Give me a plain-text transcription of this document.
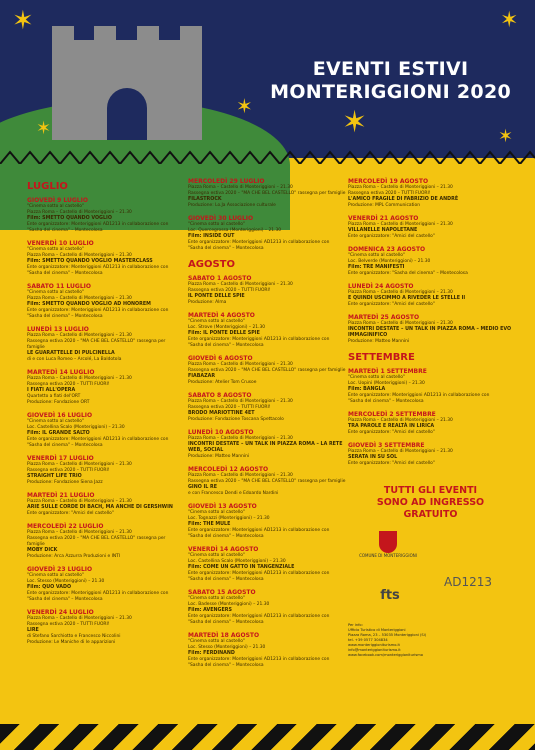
✶
✶	✶
✶
✶
✶
EVENTI ESTIVI
MONTERIGGIONI 2020
LUGLIO
GIOVEDÌ 9 LUGLIO
"Cinema sotto al castello"
Piazza Roma – Castello di Monteriggioni – 21.30
Film: SMETTO QUANDO VOGLIO
Ente organizzatore: Monteriggioni AD1213 in collaborazione con
"Sasha del cinema" – Montecolosa
VENERDÌ 10 LUGLIO
"Cinema sotto al castello"
Piazza Roma – Castello di Monteriggioni – 21.30
Film: SMETTO QUANDO VOGLIO MASTERCLASS
Ente organizzatore: Monteriggioni AD1213 in collaborazione con
"Sasha del cinema" – Montecolosa
SABATO 11 LUGLIO
"Cinema sotto al castello"
Piazza Roma – Castello di Monteriggioni – 21.30
Film: SMETTO QUANDO VOGLIO AD HONOREM
Ente organizzatore: Monteriggioni AD1213 in collaborazione con
"Sasha del cinema" – Montecolosa
LUNEDÌ 13 LUGLIO
Piazza Roma – Castello di Monteriggioni – 21.30
Rassegna estiva 2020 – "MA CHE BEL CASTELLO" rassegna per famiglie
LE GUARATTELLE DI PULCINELLA
di e con Luca Romeo – Arcolé, La Baldotola
MARTEDÌ 14 LUGLIO
Piazza Roma – Castello di Monteriggioni – 21.30
Rassegna estiva 2020 – TUTTI FUORI!
I FIATI ALL'OPERA
Quartetto a fiati del'ORT
Produzione: Fondazione ORT
GIOVEDÌ 16 LUGLIO
"Cinema sotto al castello"
Loc. Castellina Scalo (Monteriggioni) – 21.30
Film: IL GRANDE SALTO
Ente organizzatore: Monteriggioni AD1213 in collaborazione con
"Sasha del cinema" – Montecolosa
VENERDÌ 17 LUGLIO
Piazza Roma – Castello di Monteriggioni – 21.30
Rassegna estiva 2020 – TUTTI FUORI!
STRAIGHT LIFE TRIO
Produzione: Fondazione Siena Jazz
MARTEDÌ 21 LUGLIO
Piazza Roma – Castello di Monteriggioni – 21.30
ARIE SULLE CORDE DI BACH, MA ANCHE DI GERSHWIN
Ente organizzatore: "Amici del castello"
MERCOLEDÌ 22 LUGLIO
Piazza Roma – Castello di Monteriggioni – 21.30
Rassegna estiva 2020 – "MA CHE BEL CASTELLO" rassegna per famiglie
MOBY DICK
Produzione: Arca Azzurra Produzioni e INTI
GIOVEDÌ 23 LUGLIO
"Cinema sotto al castello"
Loc. Stesso (Monteriggioni) – 21.30
Film: QUO VADO
Ente organizzatore: Monteriggioni AD1213 in collaborazione con
"Sasha del cinema" – Montecolosa
VENERDÌ 24 LUGLIO
Piazza Roma – Castello di Monteriggioni – 21.30
Rassegna estiva 2020 – TUTTI FUORI!
LIRE
di Stefano Sarchiotto e Francesco Niccolini
Produzione: Le Maniche di le apparizioni
MERCOLEDÌ 29 LUGLIO
Piazza Roma – Castello di Monteriggioni – 21.30
Rassegna estiva 2020 – "MA CHE BEL CASTELLO" rassegna per famiglie
FILASTROCK
Produzione: Lo.Ja Associazione culturale
GIOVEDÌ 30 LUGLIO
"Cinema sotto al castello"
Loc. Quercegrossa (Monteriggioni) – 21.30
Film: INSIDE OUT
Ente organizzatore: Monteriggioni AD1213 in collaborazione con
"Sasha del cinema" – Montecolosa
AGOSTO
SABATO 1 AGOSTO
Piazza Roma – Castello di Monteriggioni – 21.30
Rassegna estiva 2020 – TUTTI FUORI!
IL PONTE DELLE SPIE
Produzione: Alma
MARTEDÌ 4 AGOSTO
"Cinema sotto al castello"
Loc. Strove (Monteriggioni) – 21.30
Film: IL PONTE DELLE SPIE
Ente organizzatore: Monteriggioni AD1213 in collaborazione con
"Sasha del cinema" – Montecolosa
GIOVEDÌ 6 AGOSTO
Piazza Roma – Castello di Monteriggioni – 21.30
Rassegna estiva 2020 – "MA CHE BEL CASTELLO" rassegna per famiglie
FIABAZAR
Produzione: Atelier Tom Crusoe
SABATO 8 AGOSTO
Piazza Roma – Castello di Monteriggioni – 21.30
Rassegna estiva 2020 – TUTTI FUORI!
BRODO MARIOTTINE 4ET
Produzione: Fondazione Toscana Spettacolo
LUNEDÌ 10 AGOSTO
Piazza Roma – Castello di Monteriggioni – 21.30
INCONTRI DESTATE – UN TALK IN PIAZZA ROMA – LA RETE WEB, SOCIAL
Produzione: Matteo Mannini
MERCOLEDÌ 12 AGOSTO
Piazza Roma – Castello di Monteriggioni – 21.30
Rassegna estiva 2020 – "MA CHE BEL CASTELLO" rassegna per famiglie
GINO IL RE
e con Francesco Dendi e Edoardo Nardini
GIOVEDÌ 13 AGOSTO
"Cinema sotto al castello"
Loc. Tognazzi (Monteriggioni) – 21.30
Film: THE MULE
Ente organizzatore: Monteriggioni AD1213 in collaborazione con
"Sasha del cinema" – Montecolosa
VENERDÌ 14 AGOSTO
"Cinema sotto al castello"
Loc. Castellina Scalo (Monteriggioni) – 21.30
Film: COME UN GATTO IN TANGENZIALE
Ente organizzatore: Monteriggioni AD1213 in collaborazione con
"Sasha del cinema" – Montecolosa
SABATO 15 AGOSTO
"Cinema sotto al castello"
Loc. Badesse (Monteriggioni) – 21.30
Film: AVENGERS
Ente organizzatore: Monteriggioni AD1213 in collaborazione con
"Sasha del cinema" – Montecolosa
MARTEDÌ 18 AGOSTO
"Cinema sotto al castello"
Loc. Stesso (Monteriggioni) – 21.30
Film: FERDINAND
Ente organizzatore: Monteriggioni AD1213 in collaborazione con
"Sasha del cinema" – Montecolosa
MERCOLEDÌ 19 AGOSTO
Piazza Roma – Castello di Monteriggioni – 21.30
Rassegna estiva 2020 – TUTTI FUORI!
L'AMICO FRAGILE DI FABRIZIO DE ANDRÈ
Produzione: MPL Communication
VENERDÌ 21 AGOSTO
Piazza Roma – Castello di Monteriggioni – 21.30
VILLANELLE NAPOLETANE
Ente organizzatore: "Amici del castello"
DOMENICA 23 AGOSTO
"Cinema sotto al castello"
Loc. Belverde (Monteriggioni) – 21.30
Film: TRE MANIFESTI
Ente organizzatore: "Sasha del cinema" – Montecolosa
LUNEDÌ 24 AGOSTO
Piazza Roma – Castello di Monteriggioni – 21.30
E QUINDI USCIMMO A RIVEDER LE STELLE II
Ente organizzatore: "Amici del castello"
MARTEDÌ 25 AGOSTO
Piazza Roma – Castello di Monteriggioni – 21.30
INCONTRI DESTATE – UN TALK IN PIAZZA ROMA – MEDIO EVO IMMAGINIFICO
Produzione: Matteo Mannini
SETTEMBRE
MARTEDÌ 1 SETTEMBRE
"Cinema sotto al castello"
Loc. Uopini (Monteriggioni) – 21.30
Film: BANGLA
Ente organizzatore: Monteriggioni AD1213 in collaborazione con
"Sasha del cinema" – Montecolosa
MERCOLEDÌ 2 SETTEMBRE
Piazza Roma – Castello di Monteriggioni – 21.30
TRA PAROLE E REALTÀ IN LIRICA
Ente organizzatore: "Amici del castello"
GIOVEDÌ 3 SETTEMBRE
Piazza Roma – Castello di Monteriggioni – 21.30
SERATA IN SU SOL
Ente organizzatore: "Amici del castello"
TUTTI GLI EVENTI
SONO AD INGRESSO
GRATUITO
COMUNE DI MONTERIGGIONI
AD1213
fts
Per info:
Ufficio Turistico di Monteriggioni
Piazza Roma, 23 – 53035 Monteriggioni (Si)
tel. +39 0577 304834
www.monteriggioniturismo.it
info@monteriggioniturismo.it
www.facebook.com/monteriggioniturismo
